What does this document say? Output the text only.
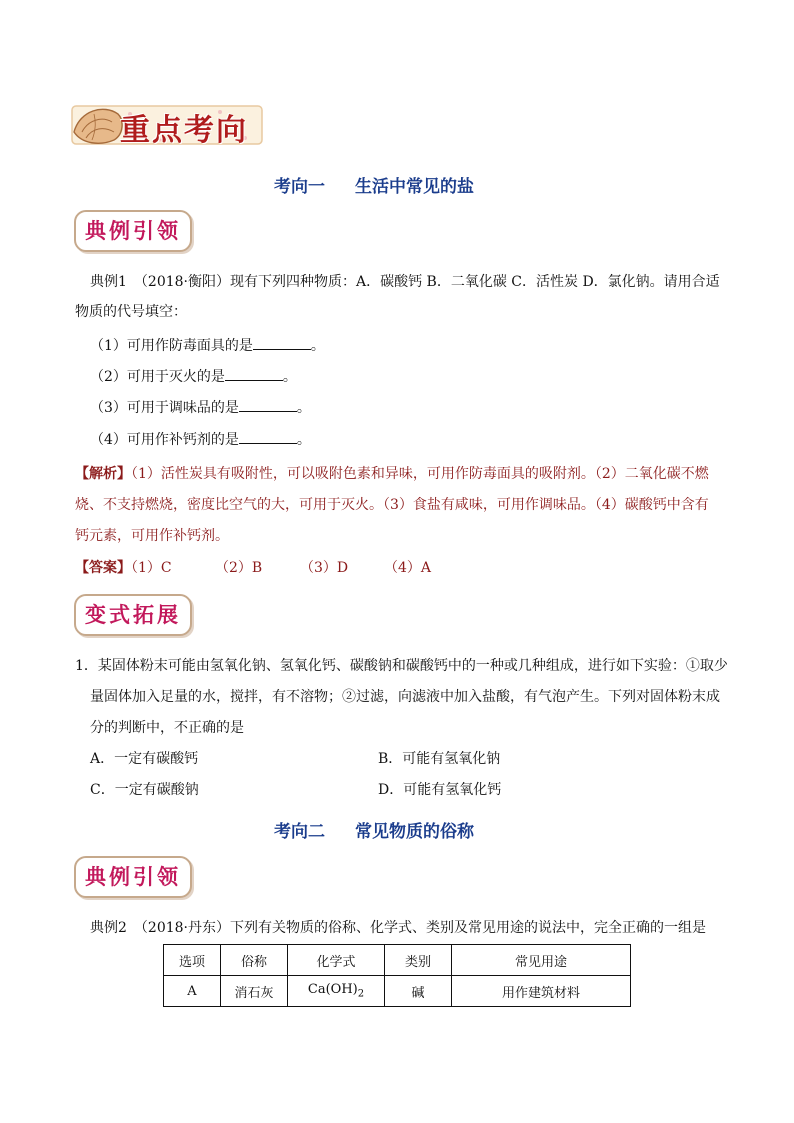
重点考向
考向一 生活中常见的盐
典例引领
典例1　（2018·衡阳）现有下列四种物质：A．碳酸钙 B．二氧化碳 C．活性炭 D．氯化钠。请用合适
物质的代号填空：
（1）可用作防毒面具的是	。
（2）可用于灭火的是	。
（3）可用于调味品的是	。
（4）可用作补钙剂的是	。
【解析】（1）活性炭具有吸附性，可以吸附色素和异味，可用作防毒面具的吸附剂。（2）二氧化碳不燃
烧、不支持燃烧，密度比空气的大，可用于灭火。（3）食盐有咸味，可用作调味品。（4）碳酸钙中含有
钙元素，可用作补钙剂。
【答案】
（1）C	（2）B	（3）D	（4）A
变式拓展
1．某固体粉末可能由氢氧化钠、氢氧化钙、碳酸钠和碳酸钙中的一种或几种组成，进行如下实验：①取少
量固体加入足量的水，搅拌，有不溶物；②过滤，向滤液中加入盐酸，有气泡产生。下列对固体粉末成
分的判断中，不正确的是
A．一定有碳酸钙	B．可能有氢氧化钠
C．一定有碳酸钠	D．可能有氢氧化钙
考向二 常见物质的俗称
典例引领
典例2　（2018·丹东）下列有关物质的俗称、化学式、类别及常见用途的说法中，完全正确的一组是
选项	俗称	化学式	类别	常见用途
A	消石灰	$Ca(OH)_2$	碱	用作建筑材料
